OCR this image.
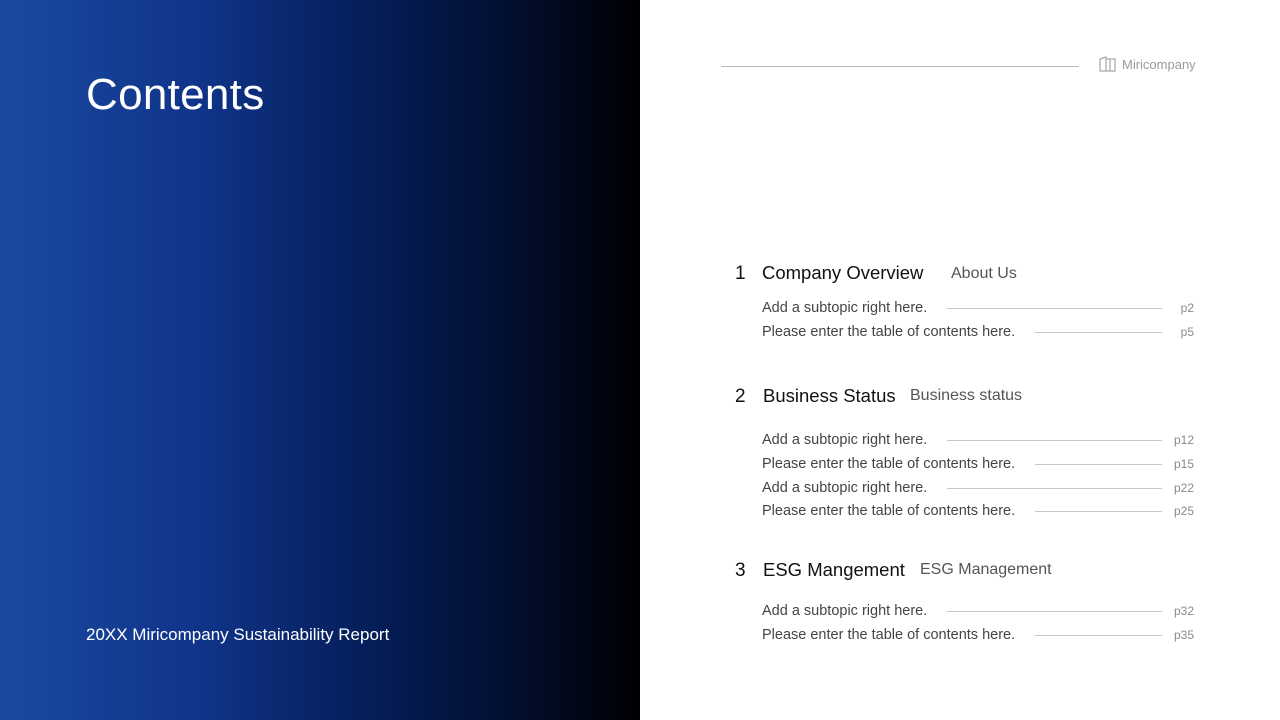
Contents
20XX Miricompany Sustainability Report
Miricompany
1 Company Overview About Us
Add a subtopic right here.	p2
Please enter the table of contents here.	p5
2 Business Status Business status
Add a subtopic right here.	p12
Please enter the table of contents here.	p15
Add a subtopic right here.	p22
Please enter the table of contents here.	p25
3 ESG Mangement ESG Management
Add a subtopic right here.	p32
Please enter the table of contents here.	p35
